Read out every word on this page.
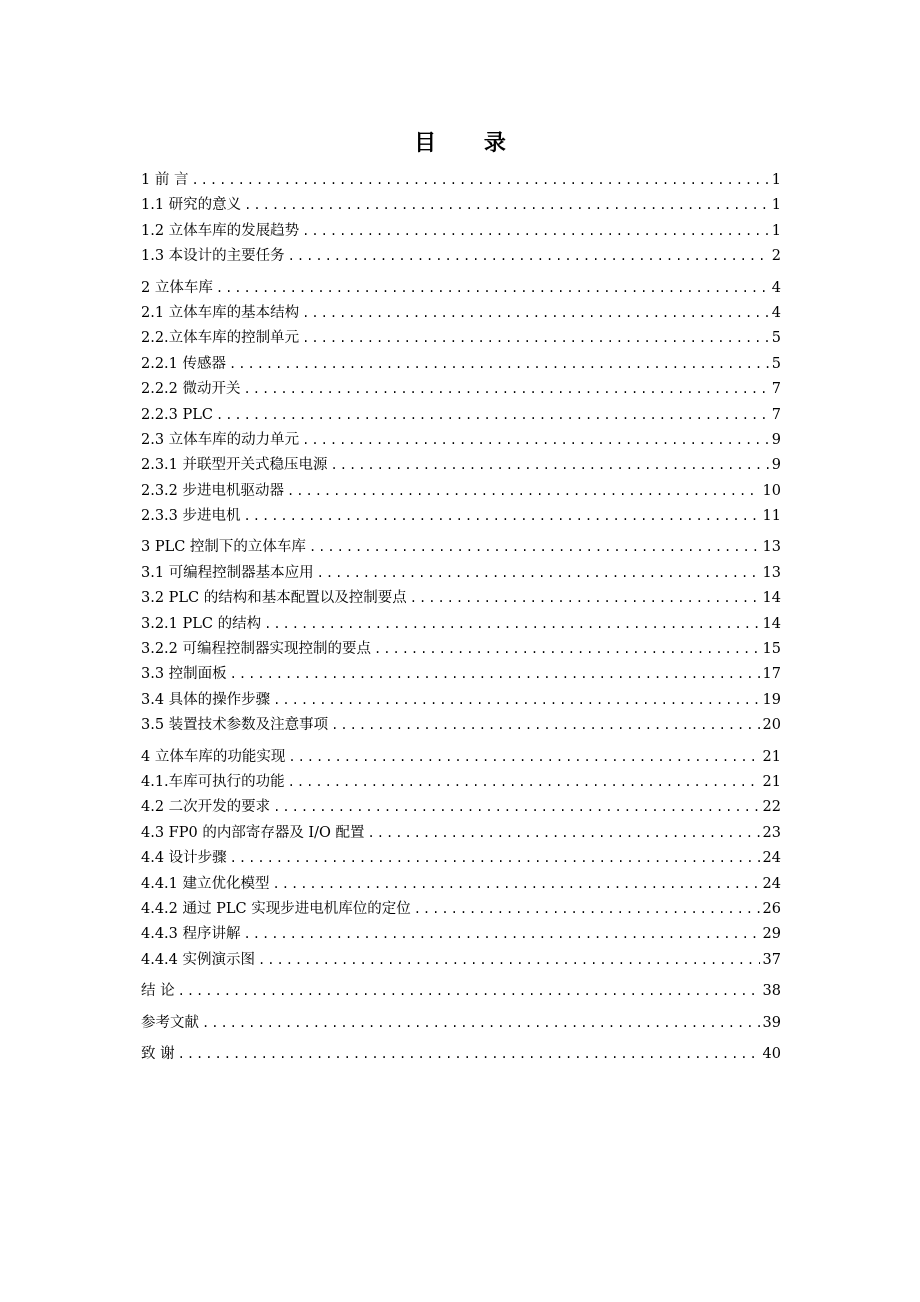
目 录
1 前 言 .....	1
1.1 研究的意义 .....	1
1.2 立体车库的发展趋势 .....	1
1.3 本设计的主要任务 .....	2
2 立体车库 .....	4
2.1 立体车库的基本结构 .....	4
2.2.立体车库的控制单元 .....	5
2.2.1 传感器 .....	5
2.2.2 微动开关 .....	7
2.2.3 PLC .....	7
2.3 立体车库的动力单元 .....	9
2.3.1 并联型开关式稳压电源 .....	9
2.3.2 步进电机驱动器 .....	10
2.3.3 步进电机 .....	11
3 PLC 控制下的立体车库 .....	13
3.1 可编程控制器基本应用 .....	13
3.2 PLC 的结构和基本配置以及控制要点 .....	14
3.2.1 PLC 的结构 .....	14
3.2.2 可编程控制器实现控制的要点 .....	15
3.3 控制面板 .....	17
3.4 具体的操作步骤 .....	19
3.5 装置技术参数及注意事项 .....	20
4 立体车库的功能实现 .....	21
4.1.车库可执行的功能 .....	21
4.2 二次开发的要求 .....	22
4.3 FP0 的内部寄存器及 I/O 配置 .....	23
4.4 设计步骤 .....	24
4.4.1 建立优化模型 .....	24
4.4.2 通过 PLC 实现步进电机库位的定位 .....	26
4.4.3 程序讲解 .....	29
4.4.4 实例演示图 .....	37
结 论 .....	38
参考文献 .....	39
致 谢 .....	40
